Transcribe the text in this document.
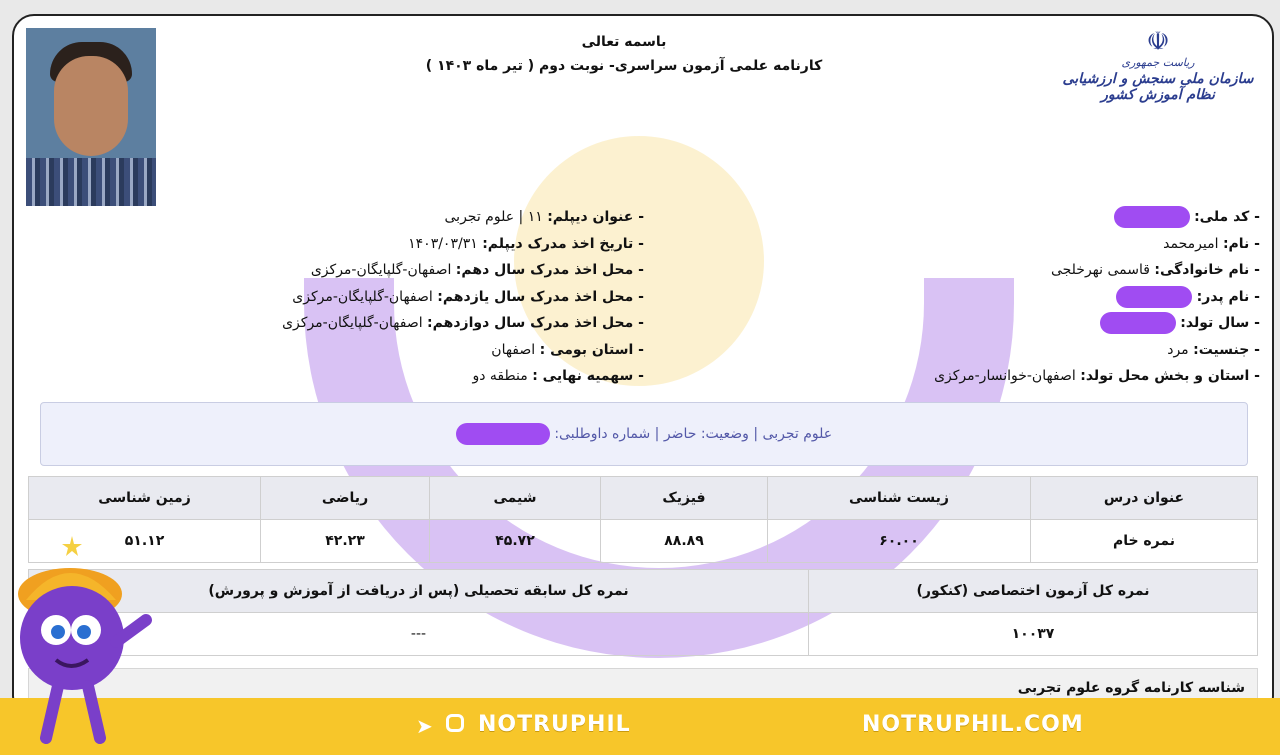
باسمه تعالی
کارنامه علمی آزمون سراسری- نوبت دوم ( تیر ماه ۱۴۰۳ )
☫
ریاست جمهوری
سازمان ملی سنجش و ارزشیابی نظام آموزش کشور
- کد ملی:
- نام: امیرمحمد
- نام خانوادگی: قاسمی نهرخلجی
- نام پدر:
- سال تولد:
- جنسیت: مرد
- استان و بخش محل تولد: اصفهان-خوانسار-مرکزی
- عنوان دیپلم: ۱۱ | علوم تجربی
- تاریخ اخذ مدرک دیپلم: ۱۴۰۳/۰۳/۳۱
- محل اخذ مدرک سال دهم: اصفهان-گلپایگان-مرکزی
- محل اخذ مدرک سال یازدهم: اصفهان-گلپایگان-مرکزی
- محل اخذ مدرک سال دوازدهم: اصفهان-گلپایگان-مرکزی
- استان بومی : اصفهان
- سهمیه نهایی : منطقه دو
علوم تجربی | وضعیت: حاضر | شماره داوطلبی:
عنوان درس	زیست شناسی	فیزیک	شیمی	ریاضی	زمین شناسی
نمره خام	۶۰.۰۰	۸۸.۸۹	۴۵.۷۲	۴۲.۲۳	۵۱.۱۲
نمره کل آزمون اختصاصی (کنکور)	نمره کل سابقه تحصیلی (پس از دریافت از آموزش و پرورش)
۱۰۰۳۷	---
شناسه کارنامه گروه علوم تجربی
➤ NOTRUPHIL	NOTRUPHIL.COM
